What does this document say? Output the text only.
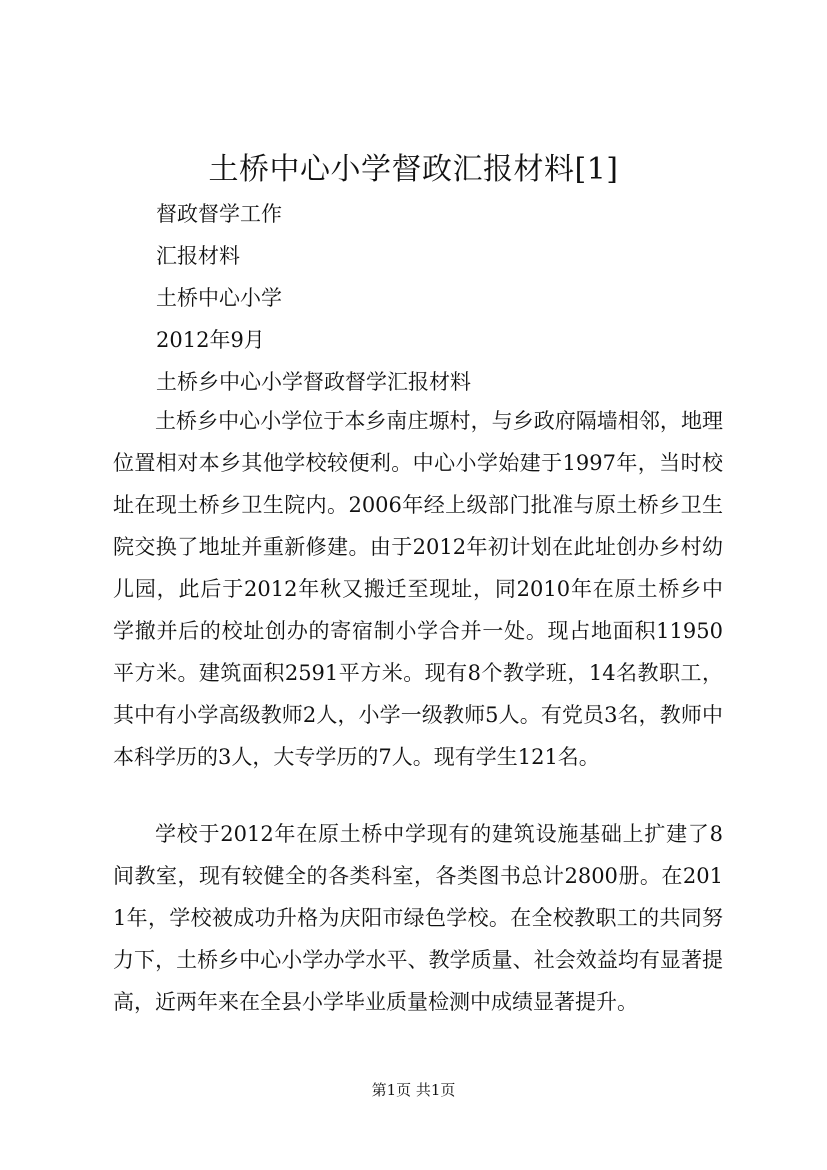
土桥中心小学督政汇报材料[1]

督政督学工作

汇报材料

土桥中心小学

2012年9月

土桥乡中心小学督政督学汇报材料

土桥乡中心小学位于本乡南庄塬村，与乡政府隔墙相邻，地理位置相对本乡其他学校较便利。中心小学始建于1997年，当时校址在现土桥乡卫生院内。2006年经上级部门批准与原土桥乡卫生院交换了地址并重新修建。由于2012年初计划在此址创办乡村幼儿园，此后于2012年秋又搬迁至现址，同2010年在原土桥乡中学撤并后的校址创办的寄宿制小学合并一处。现占地面积11950平方米。建筑面积2591平方米。现有8个教学班，14名教职工，其中有小学高级教师2人，小学一级教师5人。有党员3名，教师中本科学历的3人，大专学历的7人。现有学生121名。

学校于2012年在原土桥中学现有的建筑设施基础上扩建了8间教室，现有较健全的各类科室，各类图书总计2800册。在2011年，学校被成功升格为庆阳市绿色学校。在全校教职工的共同努力下，土桥乡中心小学办学水平、教学质量、社会效益均有显著提高，近两年来在全县小学毕业质量检测中成绩显著提升。

第1页 共1页
